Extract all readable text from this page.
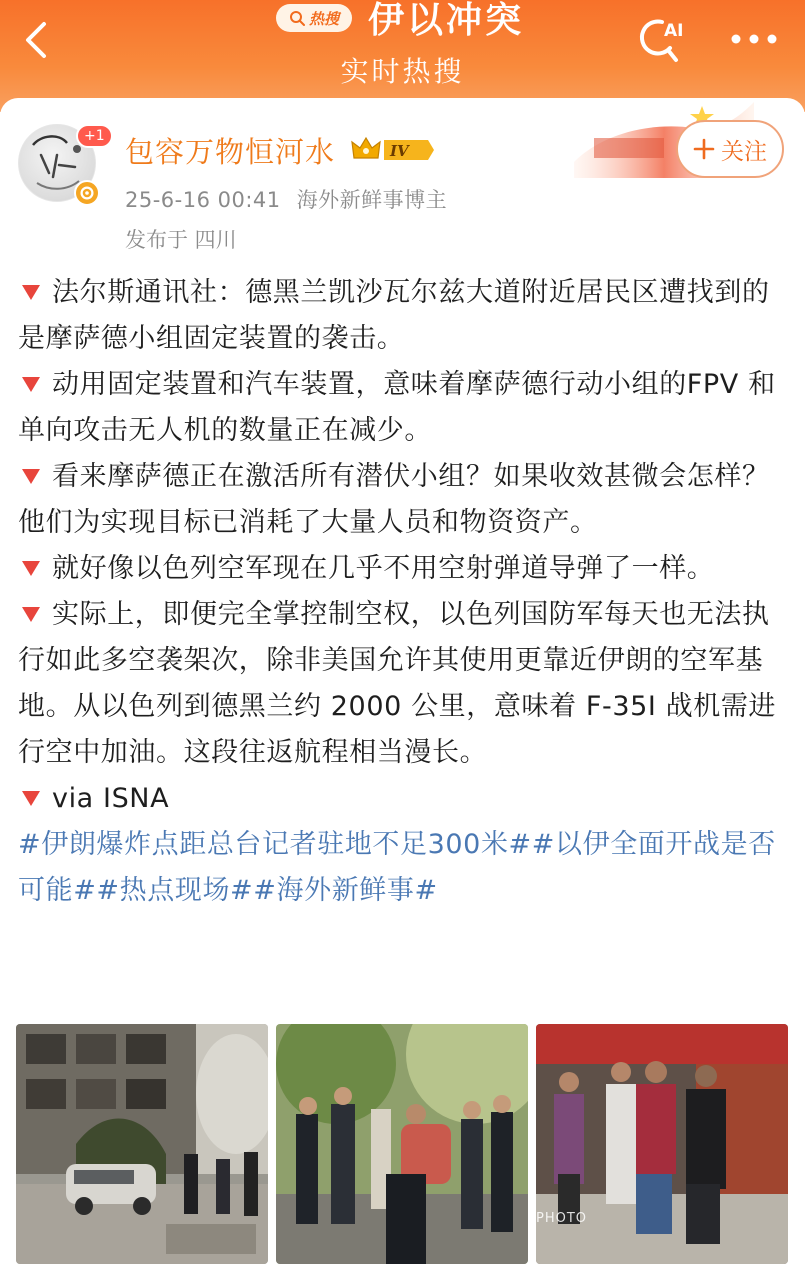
热搜 伊以冲突
实时热搜
AI
+1 包容万物恒河水	IV
25-6-16 00:41 海外新鲜事博主
发布于 四川
关注
法尔斯通讯社：德黑兰凯沙瓦尔兹大道附近居民区遭找到的是摩萨德小组固定装置的袭击。
动用固定装置和汽车装置，意味着摩萨德行动小组的FPV 和单向攻击无人机的数量正在减少。
看来摩萨德正在激活所有潜伏小组？如果收效甚微会怎样？他们为实现目标已消耗了大量人员和物资资产。
就好像以色列空军现在几乎不用空射弹道导弹了一样。
实际上，即便完全掌控制空权，以色列国防军每天也无法执行如此多空袭架次，除非美国允许其使用更靠近伊朗的空军基地。从以色列到德黑兰约 2000 公里，意味着 F-35I 战机需进行空中加油。这段往返航程相当漫长。
via ISNA
#伊朗爆炸点距总台记者驻地不足300米##以伊全面开战是否可能##热点现场##海外新鲜事#
PHOTO
